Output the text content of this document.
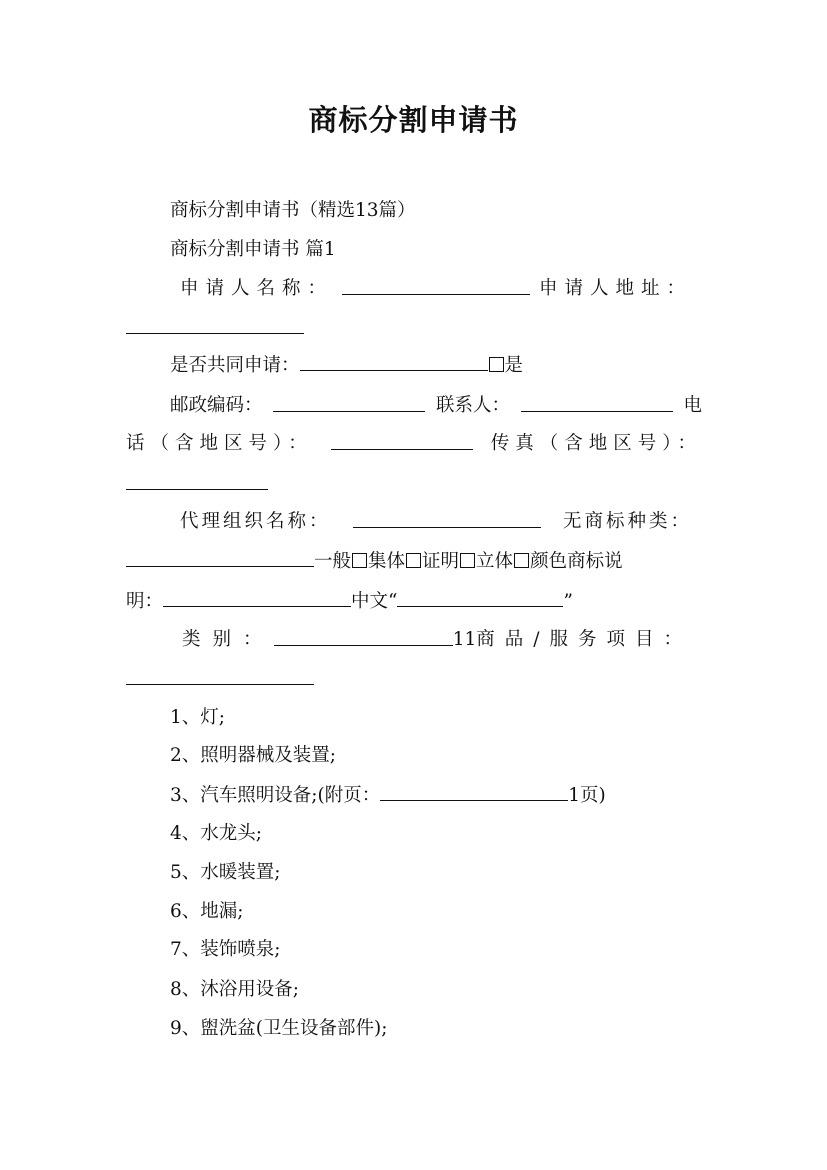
商标分割申请书
商标分割申请书（精选13篇）
商标分割申请书 篇1
申请人名称：	申请人地址：
是否共同申请：	是
邮政编码：	联系人：	电
话（含地区号）：	传真（含地区号）：
代理组织名称：	无商标种类：
一般 集体 证明 立体 颜色商标说
明：	中文“	”
类别：	11 商品/服务项目：
1、灯;
2、照明器械及装置;
3、汽车照明设备;(附页：	1页)
4、水龙头;
5、水暖装置;
6、地漏;
7、装饰喷泉;
8、沐浴用设备;
9、盥洗盆(卫生设备部件);
